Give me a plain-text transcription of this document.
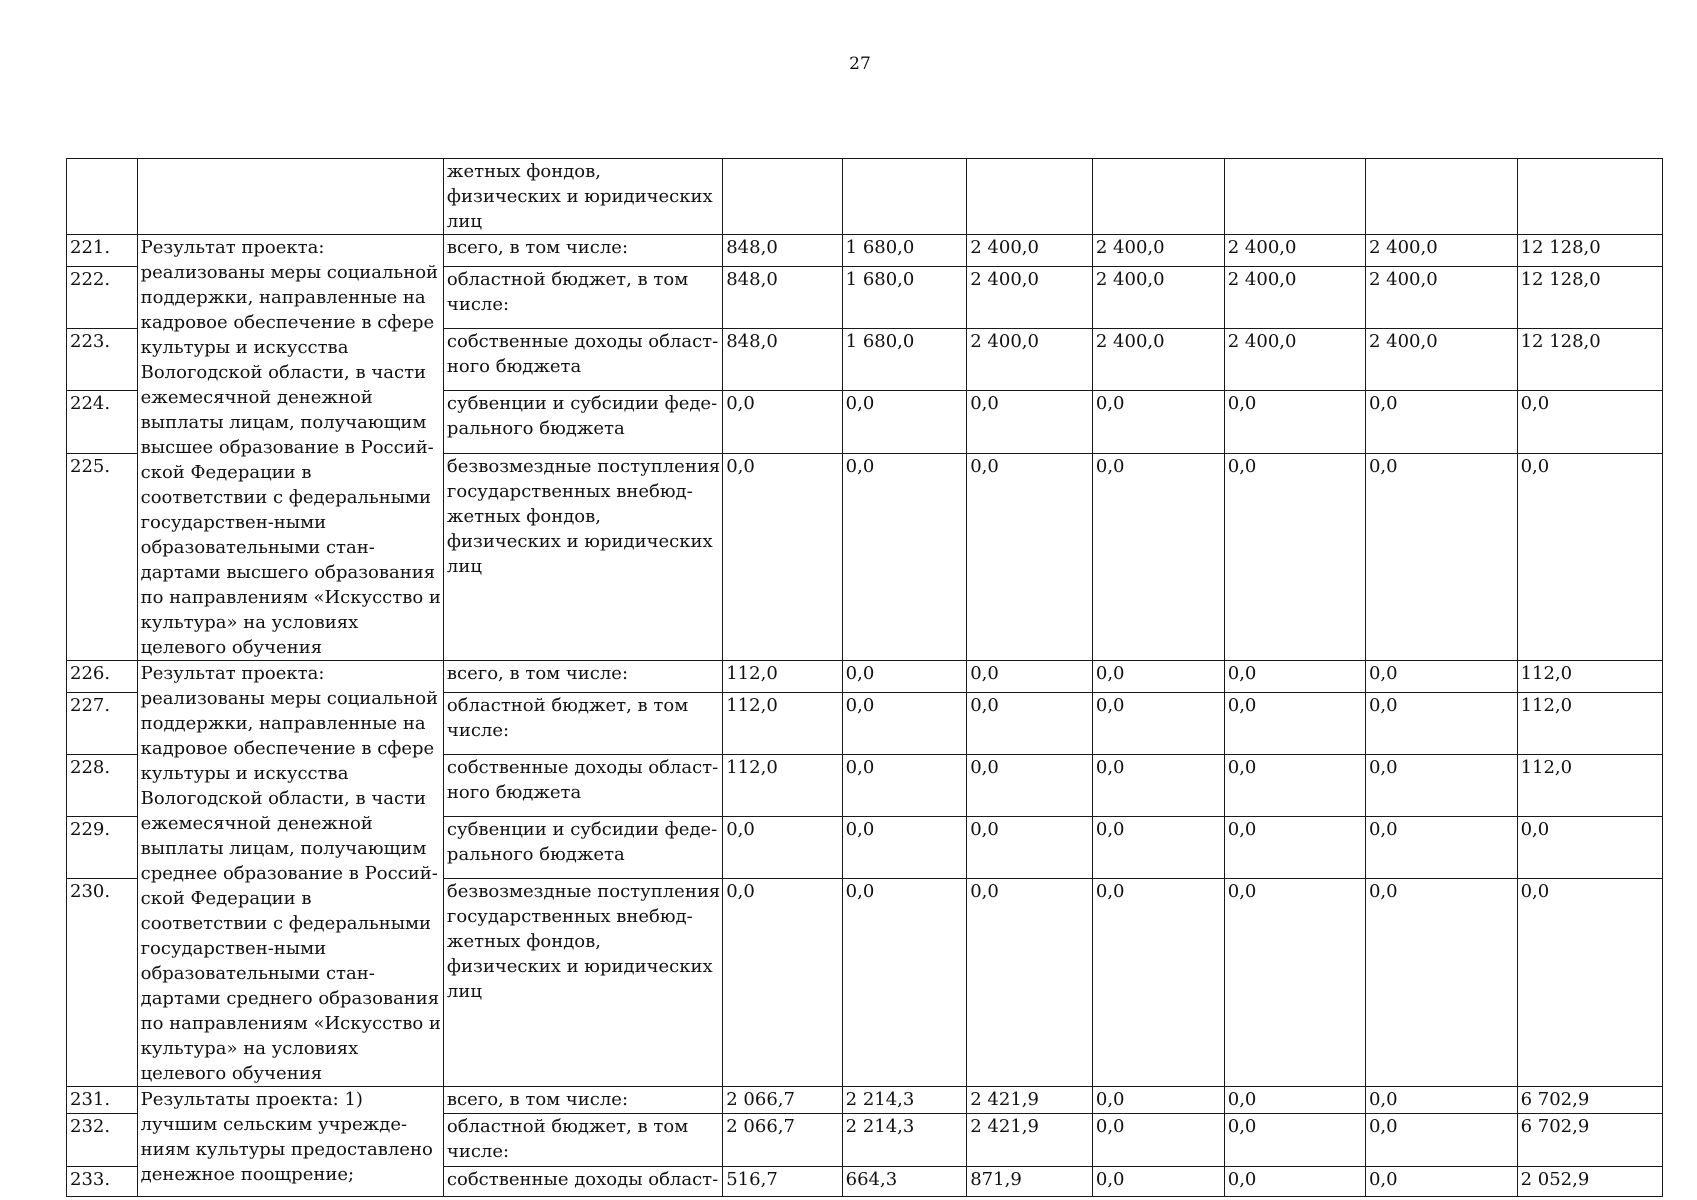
27
		жетных фондов, физических и юридических лиц							
221.	Результат проекта: реализованы меры социальной поддержки, направленные на кадровое обеспечение в сфере культуры и искусства Вологодской области, в части ежемесячной денежной выплаты лицам, получающим высшее образование в Россий-ской Федерации в соответствии с федеральными государствен-ными образовательными стан-дартами высшего образования по направлениям «Искусство и культура» на условиях целевого обучения	всего, в том числе:	848,0	1 680,0	2 400,0	2 400,0	2 400,0	2 400,0	12 128,0
222.		областной бюджет, в том числе:	848,0	1 680,0	2 400,0	2 400,0	2 400,0	2 400,0	12 128,0
223.		собственные доходы област-ного бюджета	848,0	1 680,0	2 400,0	2 400,0	2 400,0	2 400,0	12 128,0
224.		субвенции и субсидии феде-рального бюджета	0,0	0,0	0,0	0,0	0,0	0,0	0,0
225.		безвозмездные поступления государственных внебюд-жетных фондов, физических и юридических лиц	0,0	0,0	0,0	0,0	0,0	0,0	0,0
226.	Результат проекта: реализованы меры социальной поддержки, направленные на кадровое обеспечение в сфере культуры и искусства Вологодской области, в части ежемесячной денежной выплаты лицам, получающим среднее образование в Россий-ской Федерации в соответствии с федеральными государствен-ными образовательными стан-дартами среднего образования по направлениям «Искусство и культура» на условиях целевого обучения	всего, в том числе:	112,0	0,0	0,0	0,0	0,0	0,0	112,0
227.		областной бюджет, в том числе:	112,0	0,0	0,0	0,0	0,0	0,0	112,0
228.		собственные доходы област-ного бюджета	112,0	0,0	0,0	0,0	0,0	0,0	112,0
229.		субвенции и субсидии феде-рального бюджета	0,0	0,0	0,0	0,0	0,0	0,0	0,0
230.		безвозмездные поступления государственных внебюд-жетных фондов, физических и юридических лиц	0,0	0,0	0,0	0,0	0,0	0,0	0,0
231.	Результаты проекта: 1) лучшим сельским учрежде-ниям культуры предоставлено денежное поощрение;	всего, в том числе:	2 066,7	2 214,3	2 421,9	0,0	0,0	0,0	6 702,9
232.		областной бюджет, в том числе:	2 066,7	2 214,3	2 421,9	0,0	0,0	0,0	6 702,9
233.		собственные доходы област-	516,7	664,3	871,9	0,0	0,0	0,0	2 052,9
